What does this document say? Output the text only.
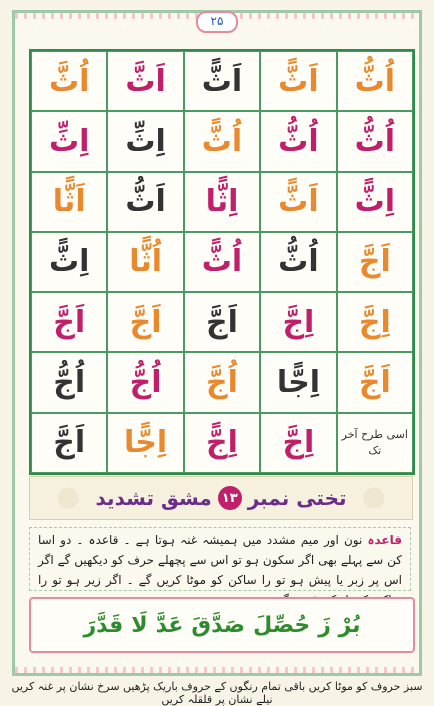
۲۵
اُثَّ	اَثَّ	اَثًّ	اَثًّ	اُثُّ
اِثِّ	اِثِّ	اُثًّ	اُثُّ	اُثُّ
اَثًّا	اَثُّ	اِثًّا	اَثًّ	اِثًّ
اِثًّ	اُثًّا	اُثًّ	اُثُّ	اَجَّ
اَجَّ	اَجَّ	اَجَّ	اِجَّ	اِجَّ
اُجُّ	اُجُّ	اُجَّ	اِجًّا	اَجَّ
اَجَّ	اِجًّا	اِجًّ	اِجَّ	اسی طرح آخر تک
تختی نمبر
۱۳
مشق تشدید
قاعدہ نون اور میم مشدد میں ہمیشہ غنہ ہوتا ہے ۔ قاعدہ ۔ دو اسا کن سے پہلے بھی اگر سکون ہو تو اس سے پچھلے حرف کو دیکھیں گے اگر اس پر زبر یا پیش ہو تو را ساکن کو موٹا کریں گے ۔ اگر زیر ہو تو را
بُرْ زَ
حُصِّلَ
صَدَّقَ
عَدَّ
لَا
قَدَّرَ
سبز حروف کو موٹا کریں باقی تمام رنگوں کے حروف باریک پڑھیں سرخ نشان پر غنہ کریں نیلے نشان پر قلقلہ کریں
